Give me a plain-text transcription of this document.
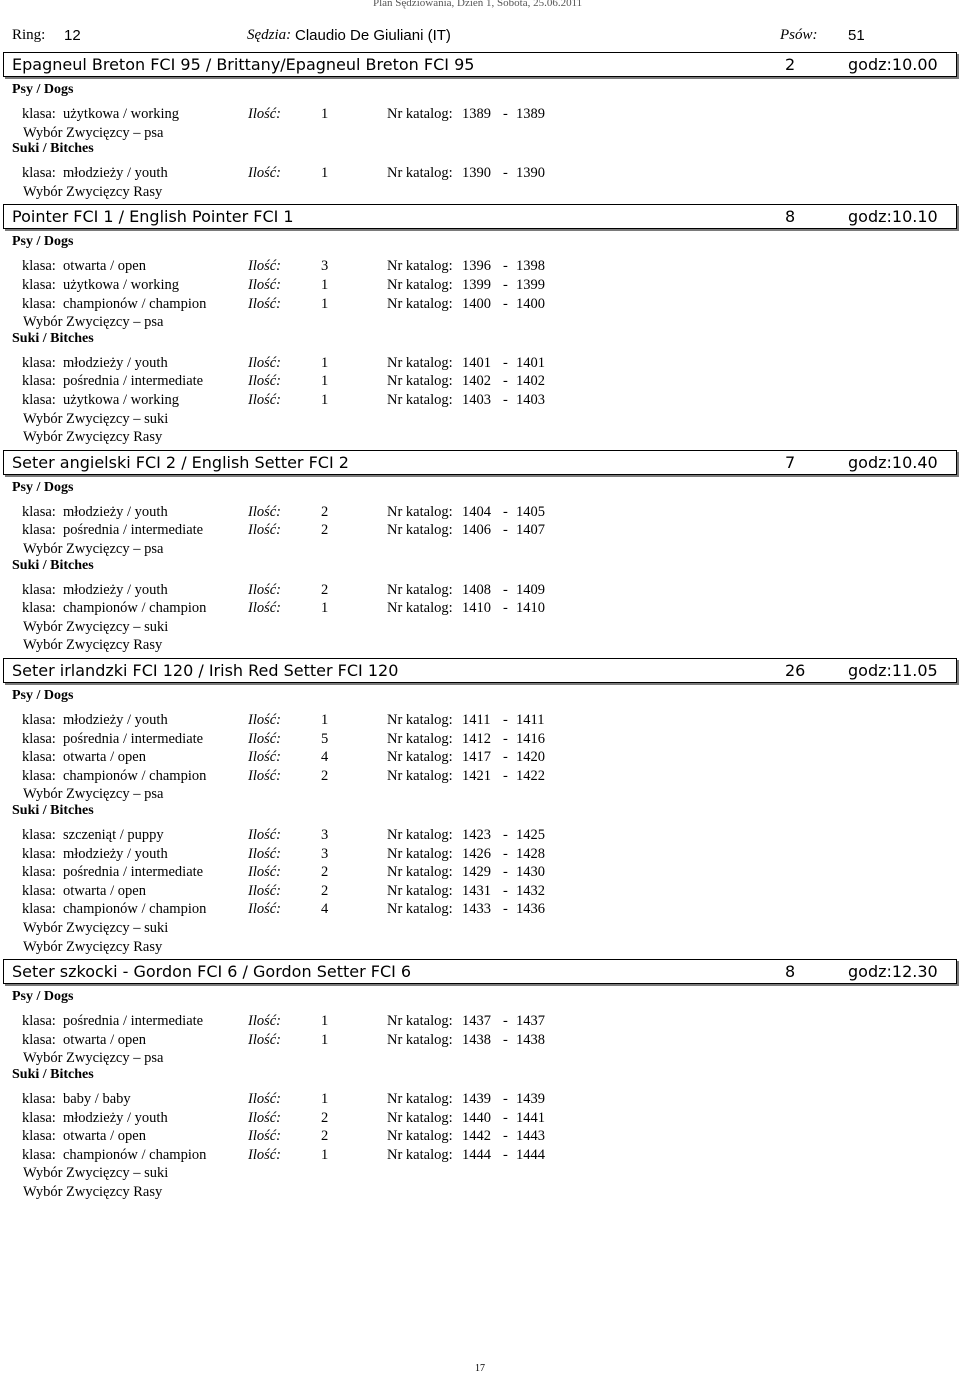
Plan Sędziowania, Dzień 1, Sobota, 25.06.2011
Ring: 12	Sędzia: Claudio De Giuliani (IT)	Psów: 51
Epagneul Breton FCI 95 / Brittany/Epagneul Breton FCI 95	2	godz:10.00
Psy / Dogs
klasa: użytkowa / working	Ilość:	1	Nr katalog: 1389 - 1389
Wybór Zwycięzcy – psa
Suki / Bitches
klasa: młodzieży / youth	Ilość:	1	Nr katalog: 1390 - 1390
Wybór Zwycięzcy Rasy
Pointer FCI 1 / English Pointer FCI 1	8	godz:10.10
Psy / Dogs
klasa: otwarta / open	Ilość:	3	Nr katalog: 1396 - 1398
klasa: użytkowa / working	Ilość:	1	Nr katalog: 1399 - 1399
klasa: championów / champion	Ilość:	1	Nr katalog: 1400 - 1400
Wybór Zwycięzcy – psa
Suki / Bitches
klasa: młodzieży / youth	Ilość:	1	Nr katalog: 1401 - 1401
klasa: pośrednia / intermediate	Ilość:	1	Nr katalog: 1402 - 1402
klasa: użytkowa / working	Ilość:	1	Nr katalog: 1403 - 1403
Wybór Zwycięzcy – suki
Wybór Zwycięzcy Rasy
Seter angielski FCI 2 / English Setter FCI 2	7	godz:10.40
Psy / Dogs
klasa: młodzieży / youth	Ilość:	2	Nr katalog: 1404 - 1405
klasa: pośrednia / intermediate	Ilość:	2	Nr katalog: 1406 - 1407
Wybór Zwycięzcy – psa
Suki / Bitches
klasa: młodzieży / youth	Ilość:	2	Nr katalog: 1408 - 1409
klasa: championów / champion	Ilość:	1	Nr katalog: 1410 - 1410
Wybór Zwycięzcy – suki
Wybór Zwycięzcy Rasy
Seter irlandzki FCI 120 / Irish Red Setter FCI 120	26	godz:11.05
Psy / Dogs
klasa: młodzieży / youth	Ilość:	1	Nr katalog: 1411 - 1411
klasa: pośrednia / intermediate	Ilość:	5	Nr katalog: 1412 - 1416
klasa: otwarta / open	Ilość:	4	Nr katalog: 1417 - 1420
klasa: championów / champion	Ilość:	2	Nr katalog: 1421 - 1422
Wybór Zwycięzcy – psa
Suki / Bitches
klasa: szczeniąt / puppy	Ilość:	3	Nr katalog: 1423 - 1425
klasa: młodzieży / youth	Ilość:	3	Nr katalog: 1426 - 1428
klasa: pośrednia / intermediate	Ilość:	2	Nr katalog: 1429 - 1430
klasa: otwarta / open	Ilość:	2	Nr katalog: 1431 - 1432
klasa: championów / champion	Ilość:	4	Nr katalog: 1433 - 1436
Wybór Zwycięzcy – suki
Wybór Zwycięzcy Rasy
Seter szkocki - Gordon FCI 6 / Gordon Setter FCI 6	8	godz:12.30
Psy / Dogs
klasa: pośrednia / intermediate	Ilość:	1	Nr katalog: 1437 - 1437
klasa: otwarta / open	Ilość:	1	Nr katalog: 1438 - 1438
Wybór Zwycięzcy – psa
Suki / Bitches
klasa: baby / baby	Ilość:	1	Nr katalog: 1439 - 1439
klasa: młodzieży / youth	Ilość:	2	Nr katalog: 1440 - 1441
klasa: otwarta / open	Ilość:	2	Nr katalog: 1442 - 1443
klasa: championów / champion	Ilość:	1	Nr katalog: 1444 - 1444
Wybór Zwycięzcy – suki
Wybór Zwycięzcy Rasy
17
